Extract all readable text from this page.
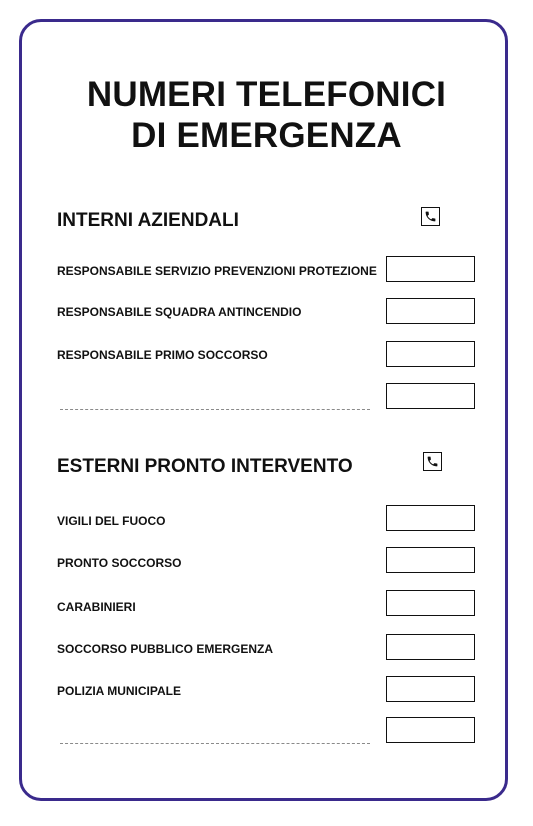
NUMERI TELEFONICI
DI EMERGENZA
INTERNI AZIENDALI
RESPONSABILE SERVIZIO PREVENZIONI PROTEZIONE
RESPONSABILE SQUADRA ANTINCENDIO
RESPONSABILE PRIMO SOCCORSO
ESTERNI PRONTO INTERVENTO
VIGILI DEL FUOCO
PRONTO SOCCORSO
CARABINIERI
SOCCORSO PUBBLICO EMERGENZA
POLIZIA MUNICIPALE
